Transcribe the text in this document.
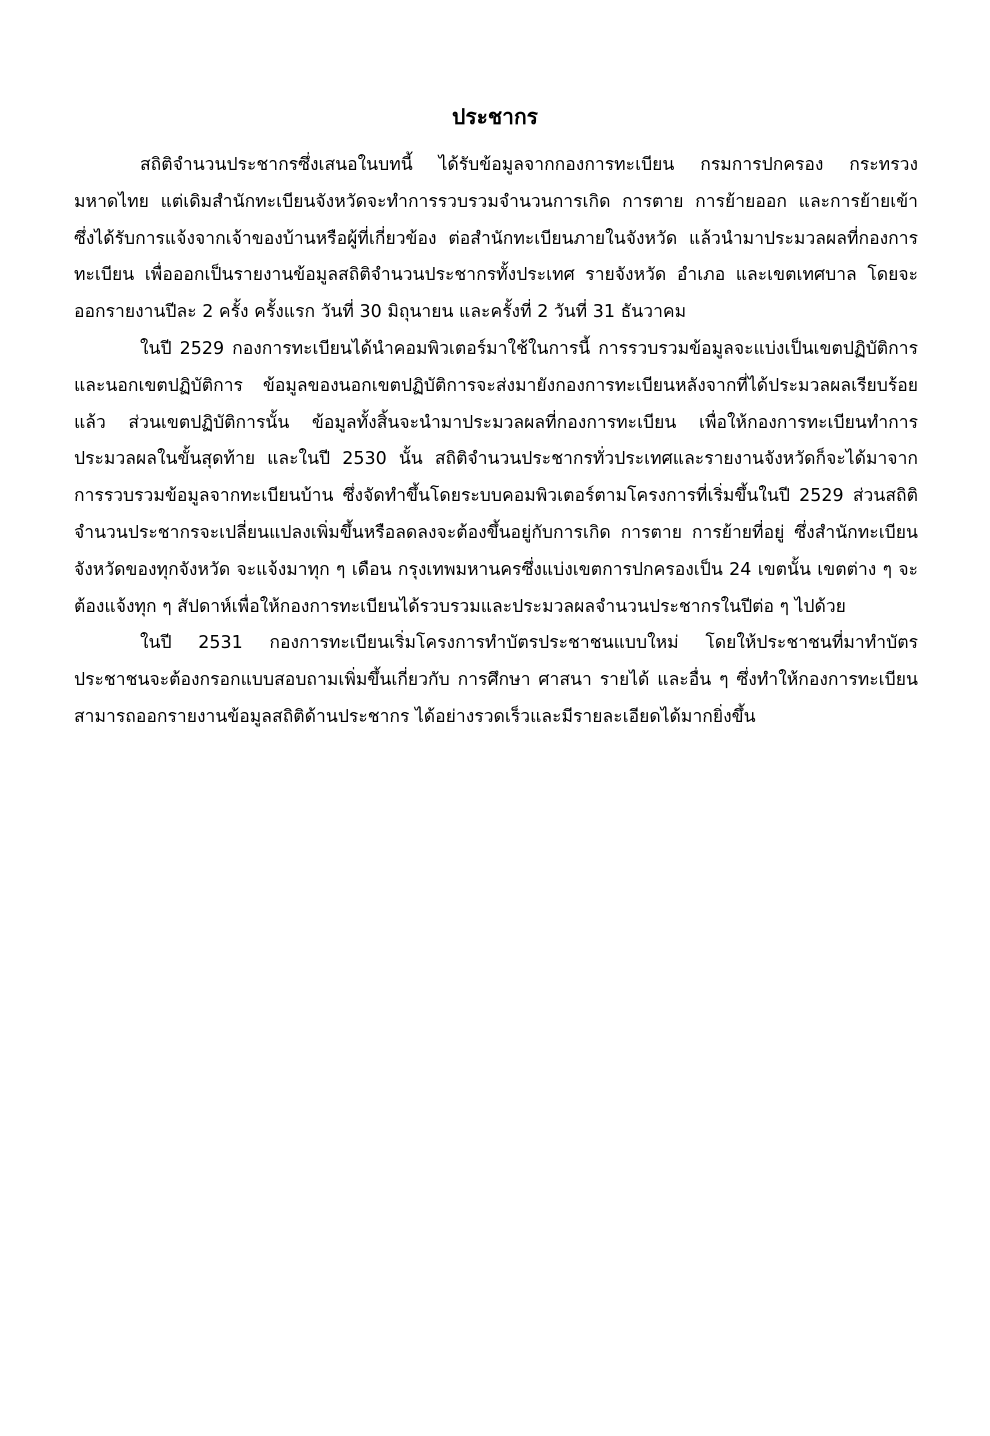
ประชากร

สถิติจำนวนประชากรซึ่งเสนอในบทนี้ ได้รับข้อมูลจากกองการทะเบียน กรมการปกครอง กระทรวงมหาดไทย แต่เดิมสำนักทะเบียนจังหวัดจะทำการรวบรวมจำนวนการเกิด การตาย การย้ายออก และการย้ายเข้า ซึ่งได้รับการแจ้งจากเจ้าของบ้านหรือผู้ที่เกี่ยวข้อง ต่อสำนักทะเบียนภายในจังหวัด แล้วนำมาประมวลผลที่กองการทะเบียน เพื่อออกเป็นรายงานข้อมูลสถิติจำนวนประชากรทั้งประเทศ รายจังหวัด อำเภอ และเขตเทศบาล โดยจะออกรายงานปีละ 2 ครั้ง ครั้งแรก วันที่ 30 มิถุนายน และครั้งที่ 2 วันที่ 31 ธันวาคม

ในปี 2529 กองการทะเบียนได้นำคอมพิวเตอร์มาใช้ในการนี้ การรวบรวมข้อมูลจะแบ่งเป็นเขตปฏิบัติการและนอกเขตปฏิบัติการ ข้อมูลของนอกเขตปฏิบัติการจะส่งมายังกองการทะเบียนหลังจากที่ได้ประมวลผลเรียบร้อยแล้ว ส่วนเขตปฏิบัติการนั้น ข้อมูลทั้งสิ้นจะนำมาประมวลผลที่กองการทะเบียน เพื่อให้กองการทะเบียนทำการประมวลผลในขั้นสุดท้าย และในปี 2530 นั้น สถิติจำนวนประชากรทั่วประเทศและรายงานจังหวัดก็จะได้มาจากการรวบรวมข้อมูลจากทะเบียนบ้าน ซึ่งจัดทำขึ้นโดยระบบคอมพิวเตอร์ตามโครงการที่เริ่มขึ้นในปี 2529 ส่วนสถิติจำนวนประชากรจะเปลี่ยนแปลงเพิ่มขึ้นหรือลดลงจะต้องขึ้นอยู่กับการเกิด การตาย การย้ายที่อยู่ ซึ่งสำนักทะเบียนจังหวัดของทุกจังหวัด จะแจ้งมาทุก ๆ เดือน กรุงเทพมหานครซึ่งแบ่งเขตการปกครองเป็น 24 เขตนั้น เขตต่าง ๆ จะต้องแจ้งทุก ๆ สัปดาห์เพื่อให้กองการทะเบียนได้รวบรวมและประมวลผลจำนวนประชากรในปีต่อ ๆ ไปด้วย

ในปี 2531 กองการทะเบียนเริ่มโครงการทำบัตรประชาชนแบบใหม่ โดยให้ประชาชนที่มาทำบัตรประชาชนจะต้องกรอกแบบสอบถามเพิ่มขึ้นเกี่ยวกับ การศึกษา ศาสนา รายได้ และอื่น ๆ ซึ่งทำให้กองการทะเบียน สามารถออกรายงานข้อมูลสถิติด้านประชากร ได้อย่างรวดเร็วและมีรายละเอียดได้มากยิ่งขึ้น
